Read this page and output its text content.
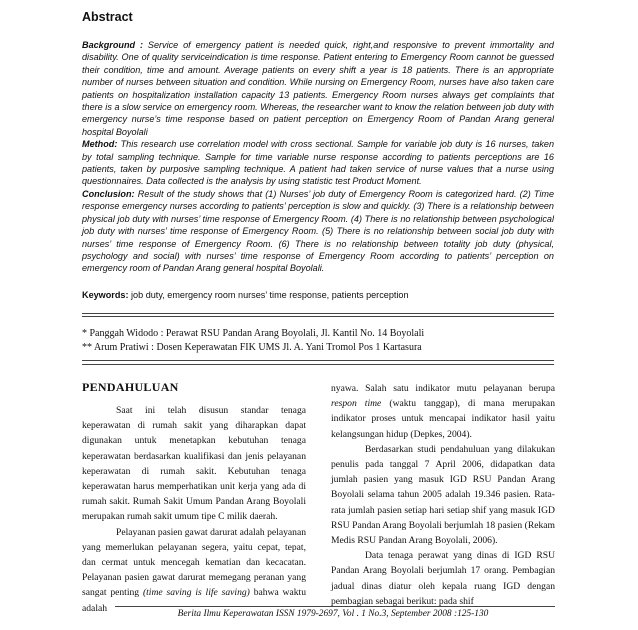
Abstract

Background : Service of emergency patient is needed quick, right,and responsive to prevent immortality and disability. One of quality serviceindication is time response. Patient entering to Emergency Room cannot be guessed their condition, time and amount. Average patients on every shift a year is 18 patients. There is an appropriate number of nurses between situation and condition. While nursing on Emergency Room, nurses have also taken care patients on hospitalization installation capacity 13 patients. Emergency Room nurses always get complaints that there is a slow service on emergency room. Whereas, the researcher want to know the relation between job duty with emergency nurse’s time response based on patient perception on Emergency Room of Pandan Arang general hospital Boyolali

Method: This research use correlation model with cross sectional. Sample for variable job duty is 16 nurses, taken by total sampling technique. Sample for time variable nurse response according to patients perceptions are 16 patients, taken by purposive sampling technique. A patient had taken service of nurse values that a nurse using questionnaires. Data collected is the analysis by using statistic test Product Moment.

Conclusion: Result of the study shows that (1) Nurses’ job duty of Emergency Room is categorized hard. (2) Time response emergency nurses according to patients’ perception is slow and quickly. (3) There is a relationship between physical job duty with nurses’ time response of Emergency Room. (4) There is no relationship between psychological job duty with nurses’ time response of Emergency Room. (5) There is no relationship between social job duty with nurses’ time response of Emergency Room. (6) There is no relationship between totality job duty (physical, psychology and social) with nurses’ time response of Emergency Room according to patients’ perception on emergency room of Pandan Arang general hospital Boyolali.

Keywords: job duty, emergency room nurses’ time response, patients perception
* Panggah Widodo : Perawat RSU Pandan Arang Boyolali, Jl. Kantil No. 14 Boyolali
** Arum Pratiwi : Dosen Keperawatan FIK UMS Jl. A. Yani Tromol Pos 1 Kartasura
PENDAHULUAN

Saat ini telah disusun standar tenaga keperawatan di rumah sakit yang diharapkan dapat digunakan untuk menetapkan kebutuhan tenaga keperawatan berdasarkan kualifikasi dan jenis pelayanan keperawatan di rumah sakit. Kebutuhan tenaga keperawatan harus memperhatikan unit kerja yang ada di rumah sakit. Rumah Sakit Umum Pandan Arang Boyolali merupakan rumah sakit umum tipe C milik daerah.

Pelayanan pasien gawat darurat adalah pelayanan yang memerlukan pelayanan segera, yaitu cepat, tepat, dan cermat untuk mencegah kematian dan kecacatan. Pelayanan pasien gawat darurat memegang peranan yang sangat penting (time saving is life saving) bahwa waktu adalah

nyawa. Salah satu indikator mutu pelayanan berupa respon time (waktu tanggap), di mana merupakan indikator proses untuk mencapai indikator hasil yaitu kelangsungan hidup (Depkes, 2004).

Berdasarkan studi pendahuluan yang dilakukan penulis pada tanggal 7 April 2006, didapatkan data jumlah pasien yang masuk IGD RSU Pandan Arang Boyolali selama tahun 2005 adalah 19.346 pasien. Rata-rata jumlah pasien setiap hari setiap shif yang masuk IGD RSU Pandan Arang Boyolali berjumlah 18 pasien (Rekam Medis RSU Pandan Arang Boyolali, 2006).

Data tenaga perawat yang dinas di IGD RSU Pandan Arang Boyolali berjumlah 17 orang. Pembagian jadual dinas diatur oleh kepala ruang IGD dengan pembagian sebagai berikut: pada shif

Berita Ilmu Keperawatan ISSN 1979-2697, Vol . 1 No.3, September 2008 :125-130
